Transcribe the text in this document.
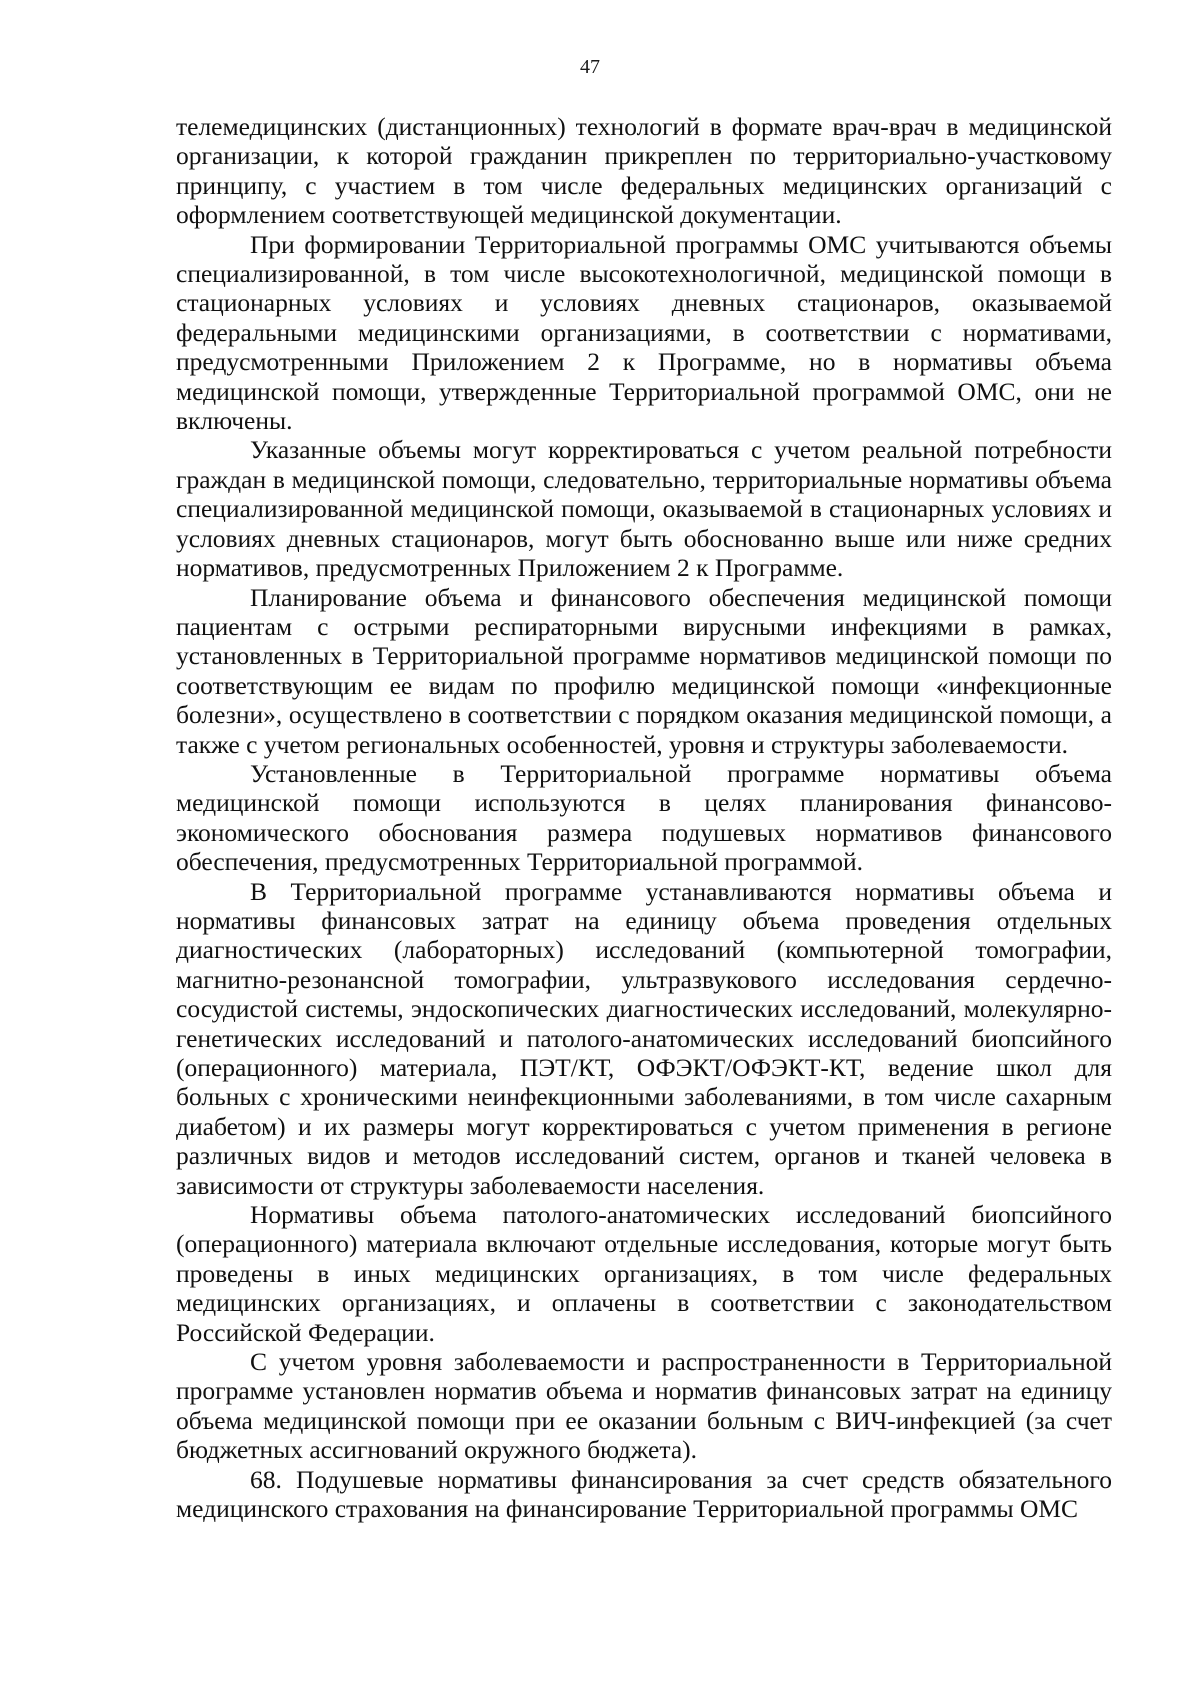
47

телемедицинских (дистанционных) технологий в формате врач-врач в медицинской организации, к которой гражданин прикреплен по территориально-участковому принципу, с участием в том числе федеральных медицинских организаций с оформлением соответствующей медицинской документации.

При формировании Территориальной программы ОМС учитываются объемы специализированной, в том числе высокотехнологичной, медицинской помощи в стационарных условиях и условиях дневных стационаров, оказываемой федеральными медицинскими организациями, в соответствии с нормативами, предусмотренными Приложением 2 к Программе, но в нормативы объема медицинской помощи, утвержденные Территориальной программой ОМС, они не включены.

Указанные объемы могут корректироваться с учетом реальной потребности граждан в медицинской помощи, следовательно, территориальные нормативы объема специализированной медицинской помощи, оказываемой в стационарных условиях и условиях дневных стационаров, могут быть обоснованно выше или ниже средних нормативов, предусмотренных Приложением 2 к Программе.

Планирование объема и финансового обеспечения медицинской помощи пациентам с острыми респираторными вирусными инфекциями в рамках, установленных в Территориальной программе нормативов медицинской помощи по соответствующим ее видам по профилю медицинской помощи «инфекционные болезни», осуществлено в соответствии с порядком оказания медицинской помощи, а также с учетом региональных особенностей, уровня и структуры заболеваемости.

Установленные в Территориальной программе нормативы объема медицинской помощи используются в целях планирования финансово-экономического обоснования размера подушевых нормативов финансового обеспечения, предусмотренных Территориальной программой.

В Территориальной программе устанавливаются нормативы объема и нормативы финансовых затрат на единицу объема проведения отдельных диагностических (лабораторных) исследований (компьютерной томографии, магнитно-резонансной томографии, ультразвукового исследования сердечно-сосудистой системы, эндоскопических диагностических исследований, молекулярно-генетических исследований и патолого-анатомических исследований биопсийного (операционного) материала, ПЭТ/КТ, ОФЭКТ/ОФЭКТ-КТ, ведение школ для больных с хроническими неинфекционными заболеваниями, в том числе сахарным диабетом) и их размеры могут корректироваться с учетом применения в регионе различных видов и методов исследований систем, органов и тканей человека в зависимости от структуры заболеваемости населения.

Нормативы объема патолого-анатомических исследований биопсийного (операционного) материала включают отдельные исследования, которые могут быть проведены в иных медицинских организациях, в том числе федеральных медицинских организациях, и оплачены в соответствии с законодательством Российской Федерации.

С учетом уровня заболеваемости и распространенности в Территориальной программе установлен норматив объема и норматив финансовых затрат на единицу объема медицинской помощи при ее оказании больным с ВИЧ-инфекцией (за счет бюджетных ассигнований окружного бюджета).

68. Подушевые нормативы финансирования за счет средств обязательного медицинского страхования на финансирование Территориальной программы ОМС
